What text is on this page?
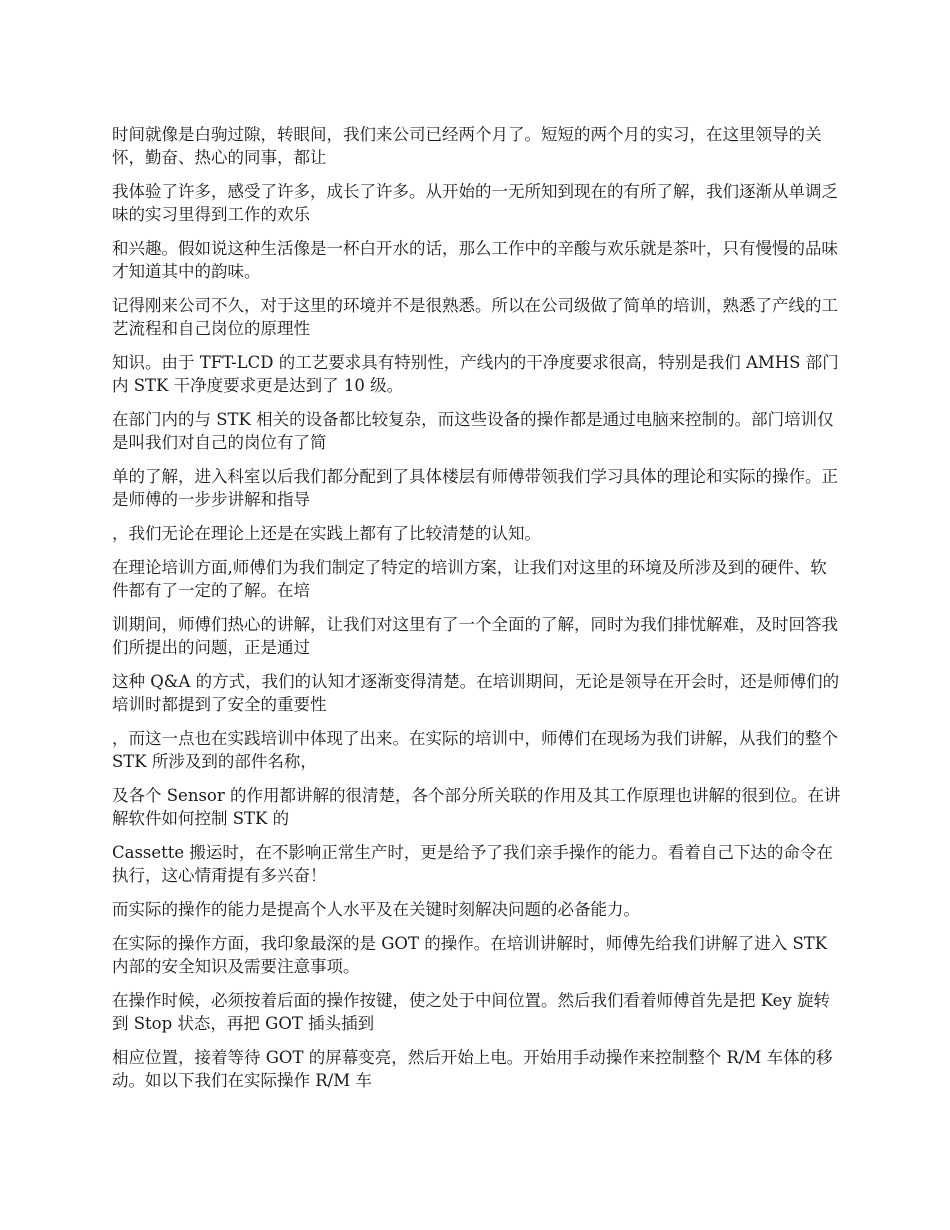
时间就像是白驹过隙，转眼间，我们来公司已经两个月了。短短的两个月的实习，在这里领导的关怀，勤奋、热心的同事，都让

我体验了许多，感受了许多，成长了许多。从开始的一无所知到现在的有所了解，我们逐渐从单调乏味的实习里得到工作的欢乐

和兴趣。假如说这种生活像是一杯白开水的话，那么工作中的辛酸与欢乐就是茶叶，只有慢慢的品味才知道其中的韵味。

记得刚来公司不久，对于这里的环境并不是很熟悉。所以在公司级做了简单的培训，熟悉了产线的工艺流程和自己岗位的原理性

知识。由于 TFT-LCD 的工艺要求具有特别性，产线内的干净度要求很高，特别是我们 AMHS 部门内 STK 干净度要求更是达到了 10 级。

在部门内的与 STK 相关的设备都比较复杂，而这些设备的操作都是通过电脑来控制的。部门培训仅是叫我们对自己的岗位有了简

单的了解，进入科室以后我们都分配到了具体楼层有师傅带领我们学习具体的理论和实际的操作。正是师傅的一步步讲解和指导

，我们无论在理论上还是在实践上都有了比较清楚的认知。

在理论培训方面,师傅们为我们制定了特定的培训方案，让我们对这里的环境及所涉及到的硬件、软件都有了一定的了解。在培

训期间，师傅们热心的讲解，让我们对这里有了一个全面的了解，同时为我们排忧解难，及时回答我们所提出的问题，正是通过

这种 Q&A 的方式，我们的认知才逐渐变得清楚。在培训期间，无论是领导在开会时，还是师傅们的培训时都提到了安全的重要性

，而这一点也在实践培训中体现了出来。在实际的培训中，师傅们在现场为我们讲解，从我们的整个 STK 所涉及到的部件名称，

及各个 Sensor 的作用都讲解的很清楚，各个部分所关联的作用及其工作原理也讲解的很到位。在讲解软件如何控制 STK 的

Cassette 搬运时，在不影响正常生产时，更是给予了我们亲手操作的能力。看着自己下达的命令在执行，这心情甭提有多兴奋！

而实际的操作的能力是提高个人水平及在关键时刻解决问题的必备能力。

在实际的操作方面，我印象最深的是 GOT 的操作。在培训讲解时，师傅先给我们讲解了进入 STK 内部的安全知识及需要注意事项。

在操作时候，必须按着后面的操作按键，使之处于中间位置。然后我们看着师傅首先是把 Key 旋转到 Stop 状态，再把 GOT 插头插到

相应位置，接着等待 GOT 的屏幕变亮，然后开始上电。开始用手动操作来控制整个 R/M 车体的移动。如以下我们在实际操作 R/M 车
